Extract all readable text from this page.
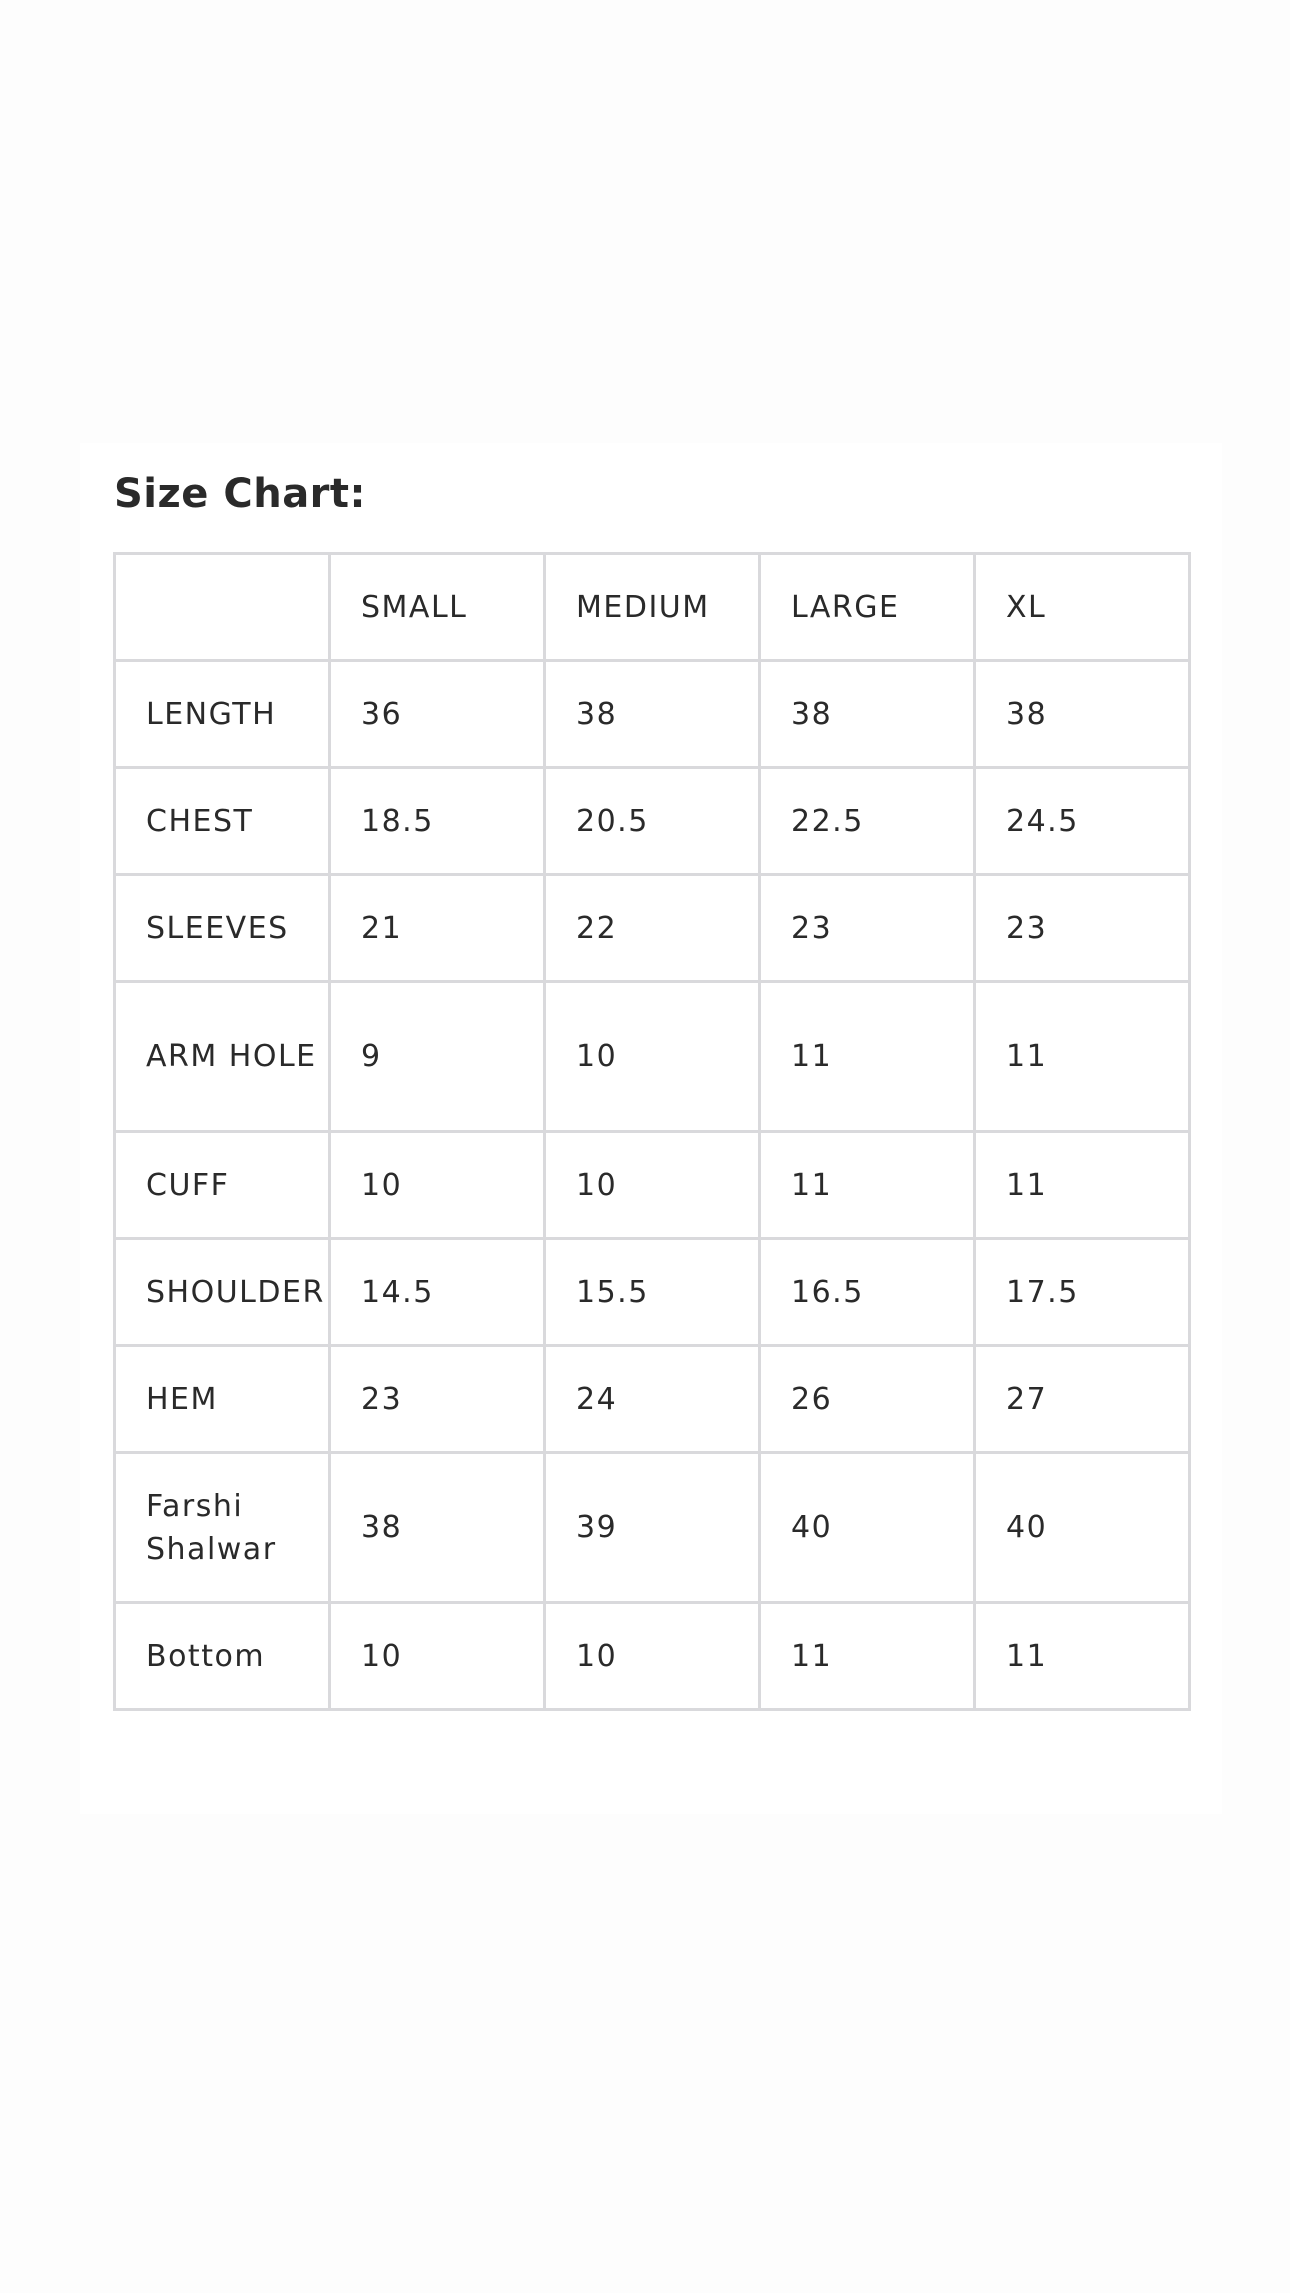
Size Chart:
	SMALL	MEDIUM	LARGE	XL
LENGTH	36	38	38	38
CHEST	18.5	20.5	22.5	24.5
SLEEVES	21	22	23	23
ARM HOLE	9	10	11	11
CUFF	10	10	11	11
SHOULDER	14.5	15.5	16.5	17.5
HEM	23	24	26	27
Farshi Shalwar	38	39	40	40
Bottom	10	10	11	11
